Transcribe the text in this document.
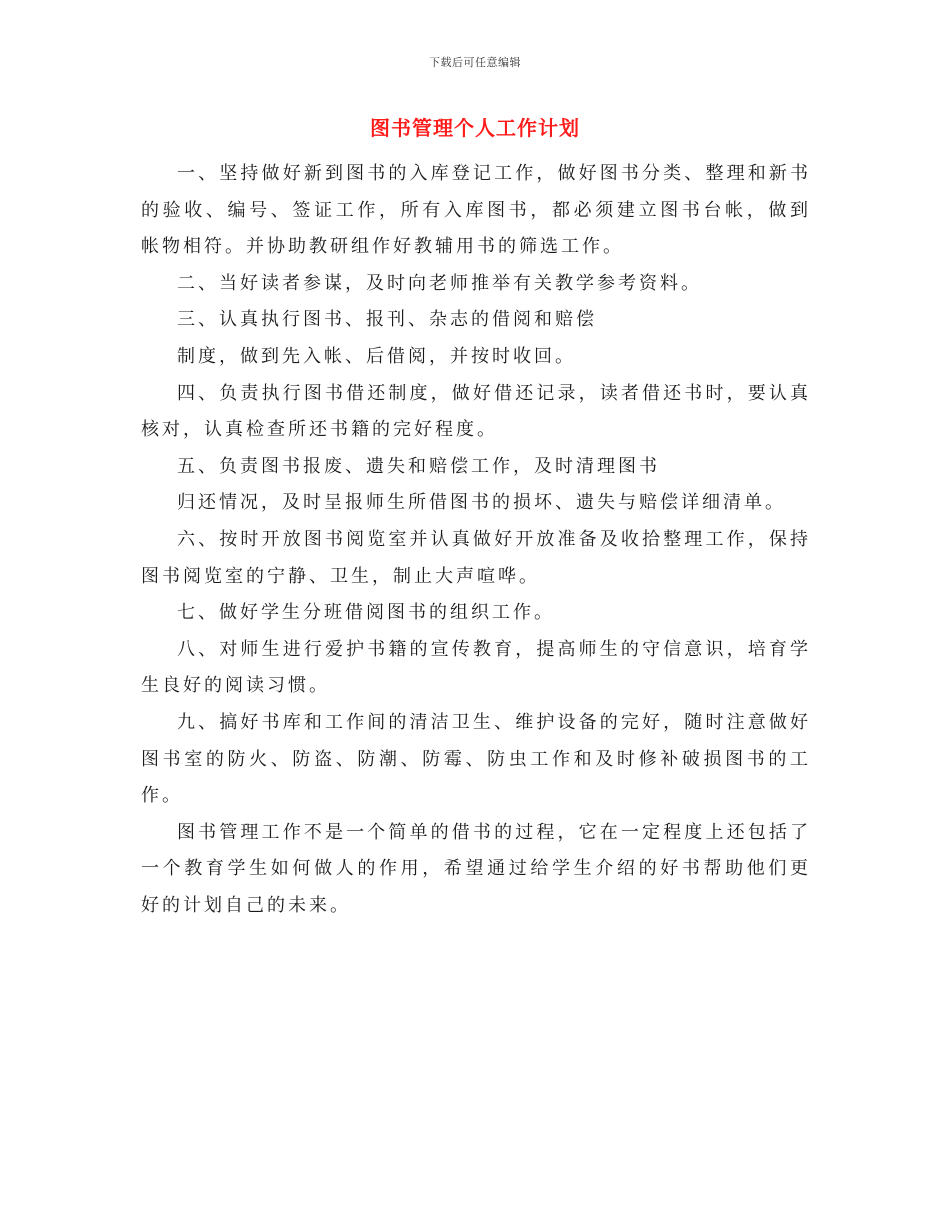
下载后可任意编辑
图书管理个人工作计划

一、坚持做好新到图书的入库登记工作，做好图书分类、整理和新书的验收、编号、签证工作，所有入库图书，都必须建立图书台帐，做到帐物相符。并协助教研组作好教辅用书的筛选工作。

二、当好读者参谋，及时向老师推举有关教学参考资料。

三、认真执行图书、报刊、杂志的借阅和赔偿

制度，做到先入帐、后借阅，并按时收回。

四、负责执行图书借还制度，做好借还记录，读者借还书时，要认真核对，认真检查所还书籍的完好程度。

五、负责图书报废、遗失和赔偿工作，及时清理图书

归还情况，及时呈报师生所借图书的损坏、遗失与赔偿详细清单。

六、按时开放图书阅览室并认真做好开放准备及收拾整理工作，保持图书阅览室的宁静、卫生，制止大声喧哗。

七、做好学生分班借阅图书的组织工作。

八、对师生进行爱护书籍的宣传教育，提高师生的守信意识，培育学生良好的阅读习惯。

九、搞好书库和工作间的清洁卫生、维护设备的完好，随时注意做好图书室的防火、防盗、防潮、防霉、防虫工作和及时修补破损图书的工作。

图书管理工作不是一个简单的借书的过程，它在一定程度上还包括了一个教育学生如何做人的作用，希望通过给学生介绍的好书帮助他们更好的计划自己的未来。
